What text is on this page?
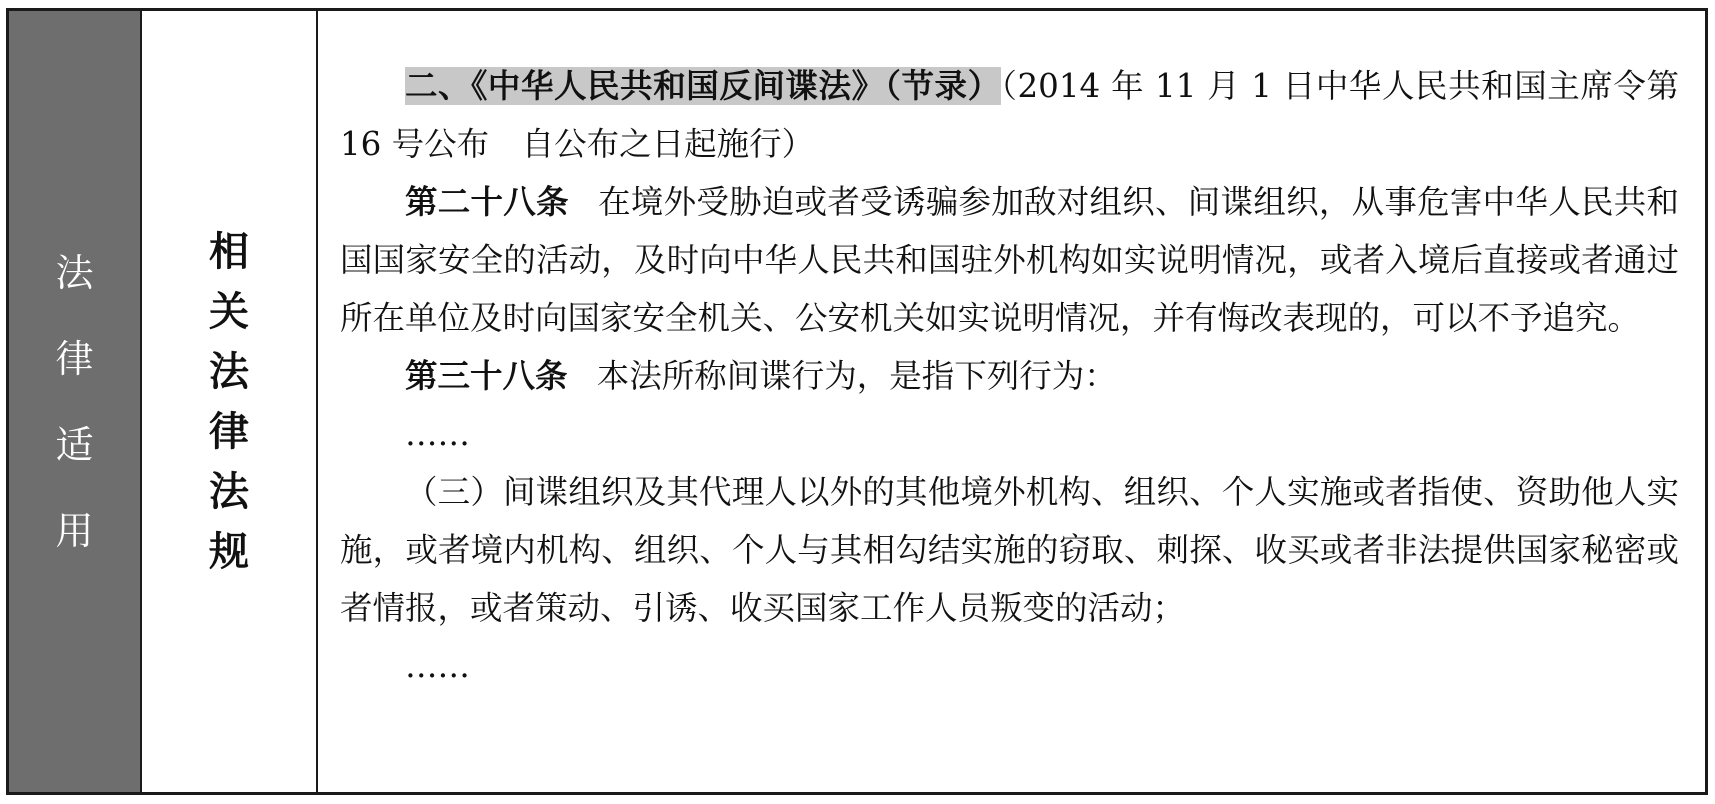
法
律
适
用
相
关
法
律
法
规

二、《中华人民共和国反间谍法》（节录）（2014 年 11 月 1 日中华人民共和国主席令第 16 号公布　自公布之日起施行）

第二十八条 在境外受胁迫或者受诱骗参加敌对组织、间谍组织，从事危害中华人民共和国国家安全的活动，及时向中华人民共和国驻外机构如实说明情况，或者入境后直接或者通过所在单位及时向国家安全机关、公安机关如实说明情况，并有悔改表现的，可以不予追究。

第三十八条 本法所称间谍行为，是指下列行为：

……

（三）间谍组织及其代理人以外的其他境外机构、组织、个人实施或者指使、资助他人实施，或者境内机构、组织、个人与其相勾结实施的窃取、刺探、收买或者非法提供国家秘密或者情报，或者策动、引诱、收买国家工作人员叛变的活动；

……
